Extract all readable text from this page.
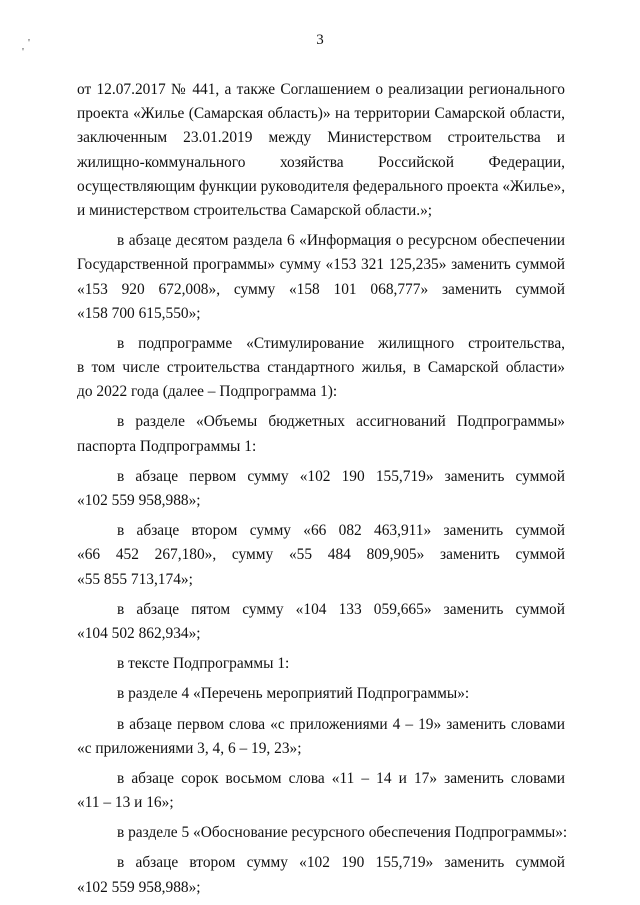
3
'
'
от 12.07.2017 № 441, а также Соглашением о реализации регионального
проекта «Жилье (Самарская область)» на территории Самарской области,
заключенным 23.01.2019 между Министерством строительства и
жилищно-коммунального хозяйства Российской Федерации,
осуществляющим функции руководителя федерального проекта «Жилье»,
и министерством строительства Самарской области.»;
в абзаце десятом раздела 6 «Информация о ресурсном обеспечении
Государственной программы» сумму «153 321 125,235» заменить суммой
«153 920 672,008», сумму «158 101 068,777» заменить суммой
«158 700 615,550»;
в подпрограмме «Стимулирование жилищного строительства,
в том числе строительства стандартного жилья, в Самарской области»
до 2022 года (далее – Подпрограмма 1):
в разделе «Объемы бюджетных ассигнований Подпрограммы»
паспорта Подпрограммы 1:
в абзаце первом сумму «102 190 155,719» заменить суммой
«102 559 958,988»;
в абзаце втором сумму «66 082 463,911» заменить суммой
«66 452 267,180», сумму «55 484 809,905» заменить суммой
«55 855 713,174»;
в абзаце пятом сумму «104 133 059,665» заменить суммой
«104 502 862,934»;
в тексте Подпрограммы 1:
в разделе 4 «Перечень мероприятий Подпрограммы»:
в абзаце первом слова «с приложениями 4 – 19» заменить словами
«с приложениями 3, 4, 6 – 19, 23»;
в абзаце сорок восьмом слова «11 – 14 и 17» заменить словами
«11 – 13 и 16»;
в разделе 5 «Обоснование ресурсного обеспечения Подпрограммы»:
в абзаце втором сумму «102 190 155,719» заменить суммой
«102 559 958,988»;
